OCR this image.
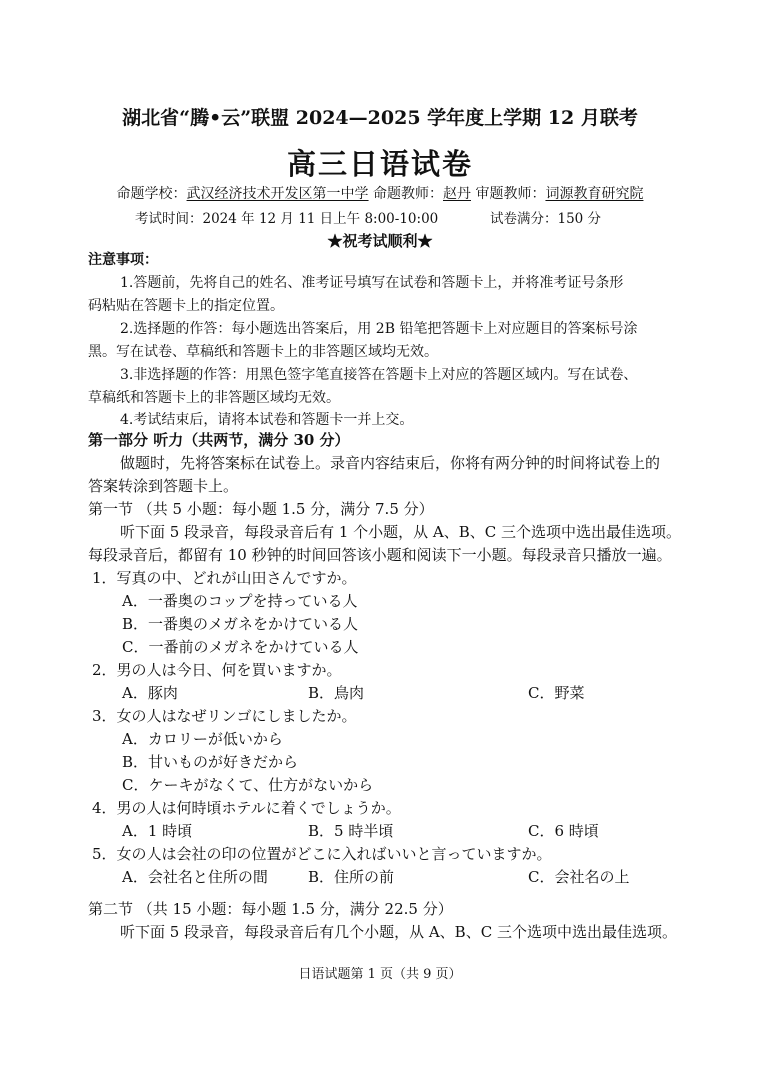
湖北省“腾•云”联盟 2024—2025 学年度上学期 12 月联考
高三日语试卷
命题学校：武汉经济技术开发区第一中学 命题教师：赵丹 审题教师：词源教育研究院
考试时间：2024 年 12 月 11 日上午 8:00-10:00	试卷满分：150 分
★祝考试顺利★
注意事项：
1.答题前，先将自己的姓名、准考证号填写在试卷和答题卡上，并将准考证号条形
码粘贴在答题卡上的指定位置。
2.选择题的作答：每小题选出答案后，用 2B 铅笔把答题卡上对应题目的答案标号涂
黑。写在试卷、草稿纸和答题卡上的非答题区域均无效。
3.非选择题的作答：用黑色签字笔直接答在答题卡上对应的答题区域内。写在试卷、
草稿纸和答题卡上的非答题区域均无效。
4.考试结束后，请将本试卷和答题卡一并上交。
第一部分 听力（共两节，满分 30 分）
做题时，先将答案标在试卷上。录音内容结束后，你将有两分钟的时间将试卷上的
答案转涂到答题卡上。
第一节 （共 5 小题：每小题 1.5 分，满分 7.5 分）
听下面 5 段录音，每段录音后有 1 个小题，从 A、B、C 三个选项中选出最佳选项。
每段录音后，都留有 10 秒钟的时间回答该小题和阅读下一小题。每段录音只播放一遍。
1．写真の中、どれが山田さんですか。
A．一番奥のコップを持っている人
B．一番奥のメガネをかけている人
C．一番前のメガネをかけている人
2．男の人は今日、何を買いますか。
A．豚肉	B．鳥肉	C．野菜
3．女の人はなぜリンゴにしましたか。
A．カロリーが低いから
B．甘いものが好きだから
C．ケーキがなくて、仕方がないから
4．男の人は何時頃ホテルに着くでしょうか。
A．1 時頃	B．5 時半頃	C．6 時頃
5．女の人は会社の印の位置がどこに入ればいいと言っていますか。
A．会社名と住所の間	B．住所の前	C．会社名の上
第二节 （共 15 小题：每小题 1.5 分，满分 22.5 分）
听下面 5 段录音，每段录音后有几个小题，从 A、B、C 三个选项中选出最佳选项。
日语试题第 1 页（共 9 页）
